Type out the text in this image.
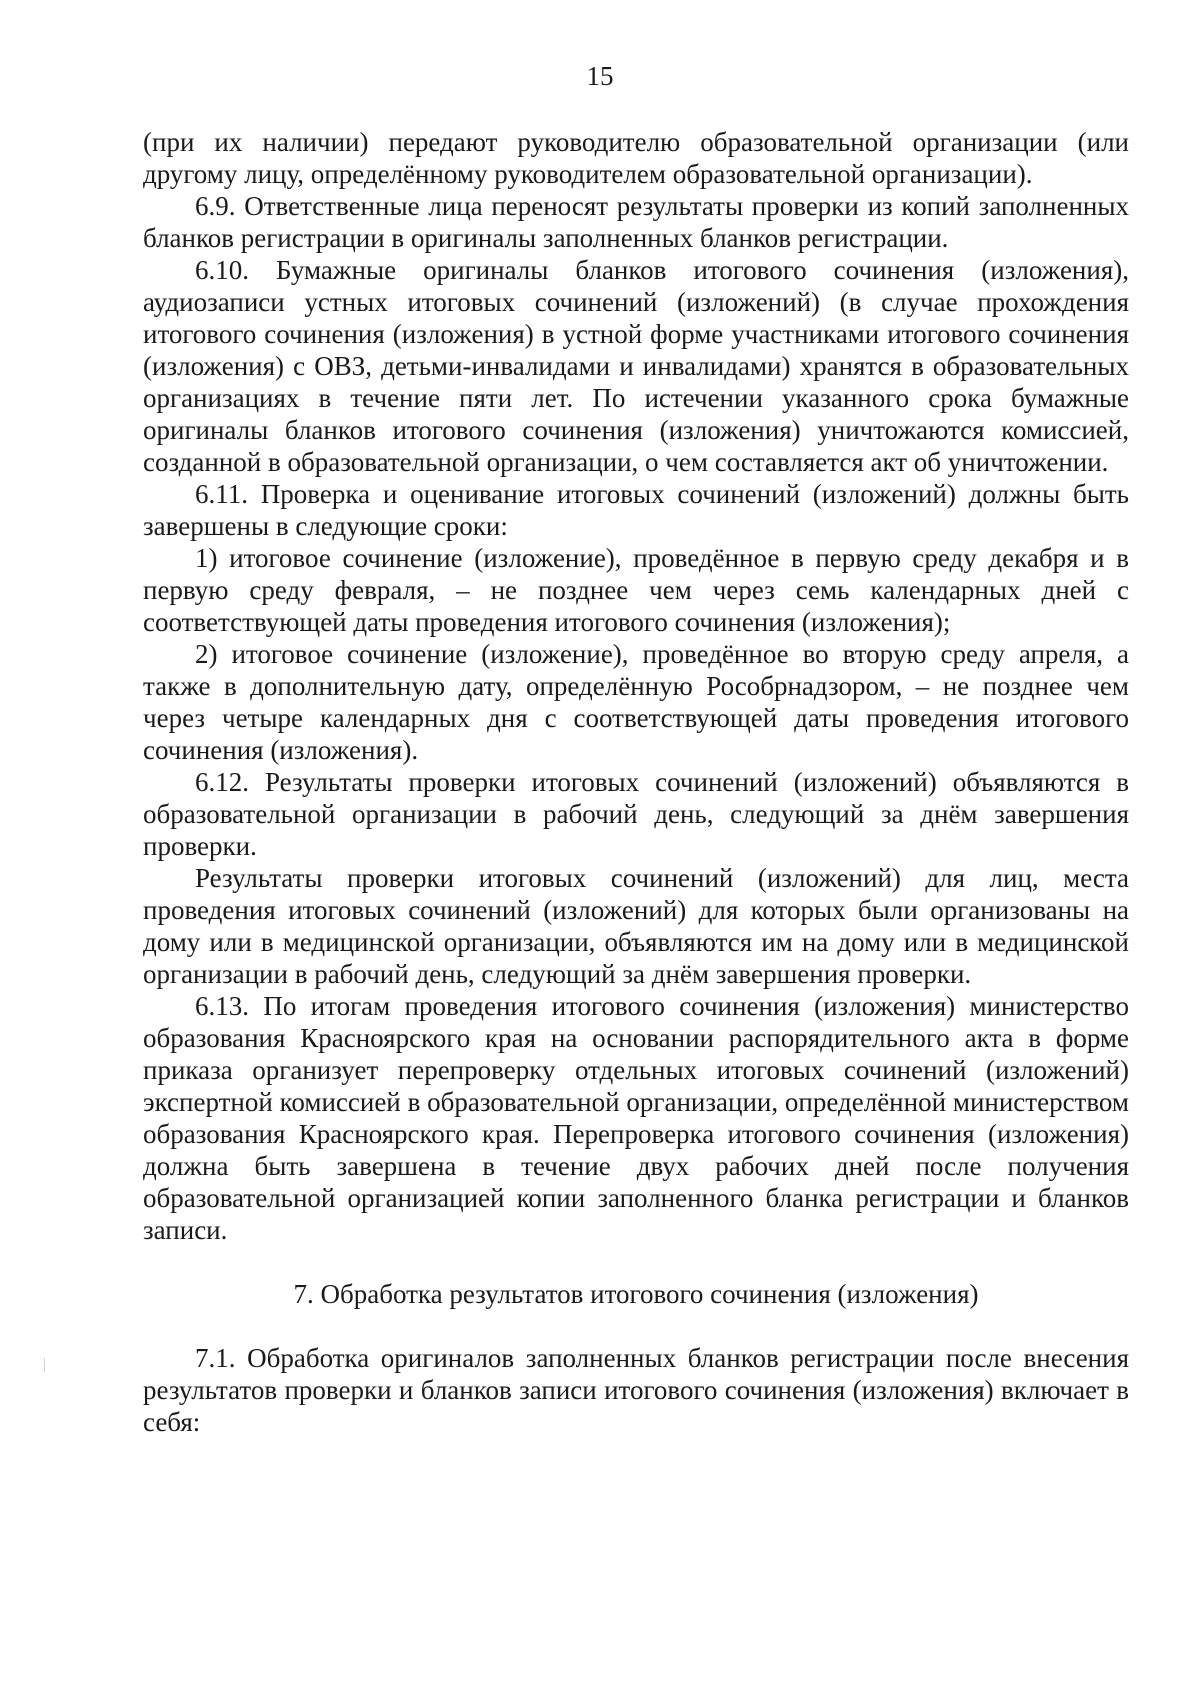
15

(при их наличии) передают руководителю образовательной организации (или другому лицу, определённому руководителем образовательной организации).

6.9. Ответственные лица переносят результаты проверки из копий заполненных бланков регистрации в оригиналы заполненных бланков регистрации.

6.10. Бумажные оригиналы бланков итогового сочинения (изложения), аудиозаписи устных итоговых сочинений (изложений) (в случае прохождения итогового сочинения (изложения) в устной форме участниками итогового сочинения (изложения) с ОВЗ, детьми-инвалидами и инвалидами) хранятся в образовательных организациях в течение пяти лет. По истечении указанного срока бумажные оригиналы бланков итогового сочинения (изложения) уничтожаются комиссией, созданной в образовательной организации, о чем составляется акт об уничтожении.

6.11. Проверка и оценивание итоговых сочинений (изложений) должны быть завершены в следующие сроки:

1) итоговое сочинение (изложение), проведённое в первую среду декабря и в первую среду февраля, – не позднее чем через семь календарных дней с соответствующей даты проведения итогового сочинения (изложения);

2) итоговое сочинение (изложение), проведённое во вторую среду апреля, а также в дополнительную дату, определённую Рособрнадзором, – не позднее чем через четыре календарных дня с соответствующей даты проведения итогового сочинения (изложения).

6.12. Результаты проверки итоговых сочинений (изложений) объявляются в образовательной организации в рабочий день, следующий за днём завершения проверки.

Результаты проверки итоговых сочинений (изложений) для лиц, места проведения итоговых сочинений (изложений) для которых были организованы на дому или в медицинской организации, объявляются им на дому или в медицинской организации в рабочий день, следующий за днём завершения проверки.

6.13. По итогам проведения итогового сочинения (изложения) министерство образования Красноярского края на основании распорядительного акта в форме приказа организует перепроверку отдельных итоговых сочинений (изложений) экспертной комиссией в образовательной организации, определённой министерством образования Красноярского края. Перепроверка итогового сочинения (изложения) должна быть завершена в течение двух рабочих дней после получения образовательной организацией копии заполненного бланка регистрации и бланков записи.

7. Обработка результатов итогового сочинения (изложения)

7.1. Обработка оригиналов заполненных бланков регистрации после внесения результатов проверки и бланков записи итогового сочинения (изложения) включает в себя:
